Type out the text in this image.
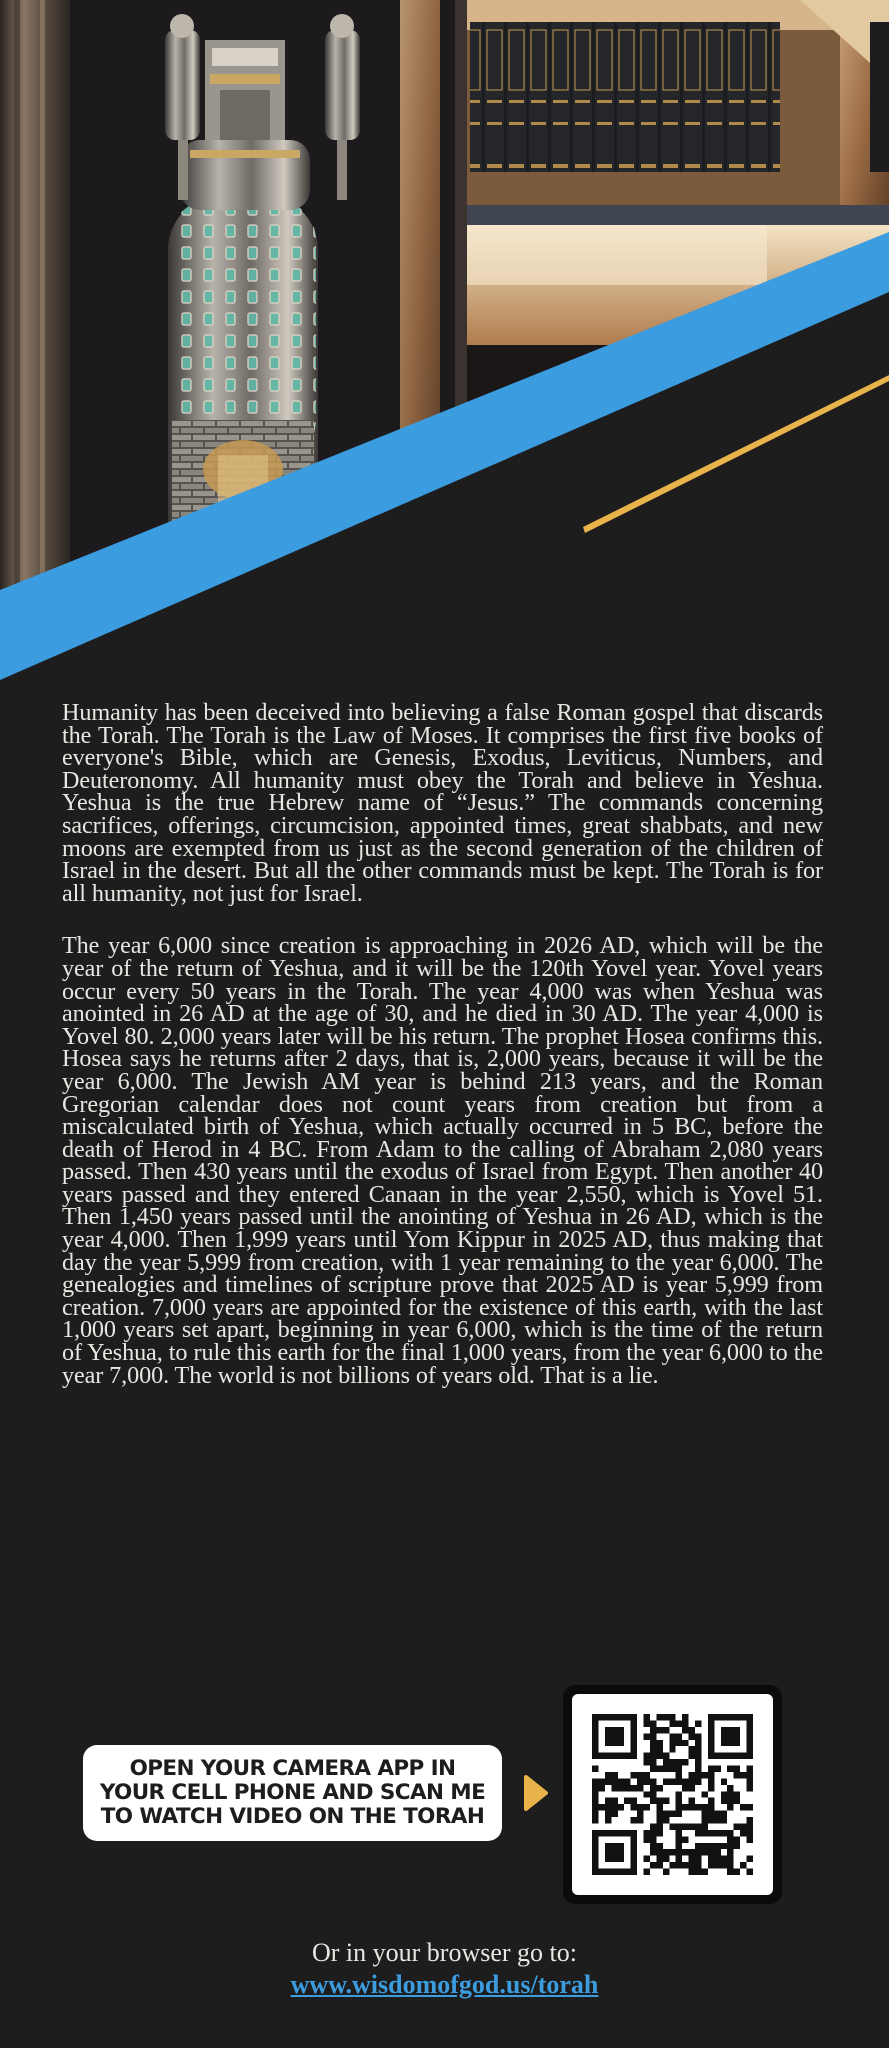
Humanity has been deceived into believing a false Roman gospel that discards the Torah. The Torah is the Law of Moses. It comprises the first five books of everyone's Bible, which are Genesis, Exodus, Leviticus, Numbers, and Deuteronomy. All humanity must obey the Torah and believe in Yeshua. Yeshua is the true Hebrew name of “Jesus.” The commands concerning sacrifices, offerings, circumcision, appointed times, great shabbats, and new moons are exempted from us just as the second generation of the children of Israel in the desert. But all the other commands must be kept. The Torah is for all humanity, not just for Israel.

The year 6,000 since creation is approaching in 2026 AD, which will be the year of the return of Yeshua, and it will be the 120th Yovel year. Yovel years occur every 50 years in the Torah. The year 4,000 was when Yeshua was anointed in 26 AD at the age of 30, and he died in 30 AD. The year 4,000 is Yovel 80. 2,000 years later will be his return. The prophet Hosea confirms this. Hosea says he returns after 2 days, that is, 2,000 years, because it will be the year 6,000. The Jewish AM year is behind 213 years, and the Roman Gregorian calendar does not count years from creation but from a miscalculated birth of Yeshua, which actually occurred in 5 BC, before the death of Herod in 4 BC. From Adam to the calling of Abraham 2,080 years passed. Then 430 years until the exodus of Israel from Egypt. Then another 40 years passed and they entered Canaan in the year 2,550, which is Yovel 51. Then 1,450 years passed until the anointing of Yeshua in 26 AD, which is the year 4,000. Then 1,999 years until Yom Kippur in 2025 AD, thus making that day the year 5,999 from creation, with 1 year remaining to the year 6,000. The genealogies and timelines of scripture prove that 2025 AD is year 5,999 from creation. 7,000 years are appointed for the existence of this earth, with the last 1,000 years set apart, beginning in year 6,000, which is the time of the return of Yeshua, to rule this earth for the final 1,000 years, from the year 6,000 to the year 7,000. The world is not billions of years old. That is a lie.

OPEN YOUR CAMERA APP IN
YOUR CELL PHONE AND SCAN ME
TO WATCH VIDEO ON THE TORAH
Or in your browser go to:
www.wisdomofgod.us/torah
